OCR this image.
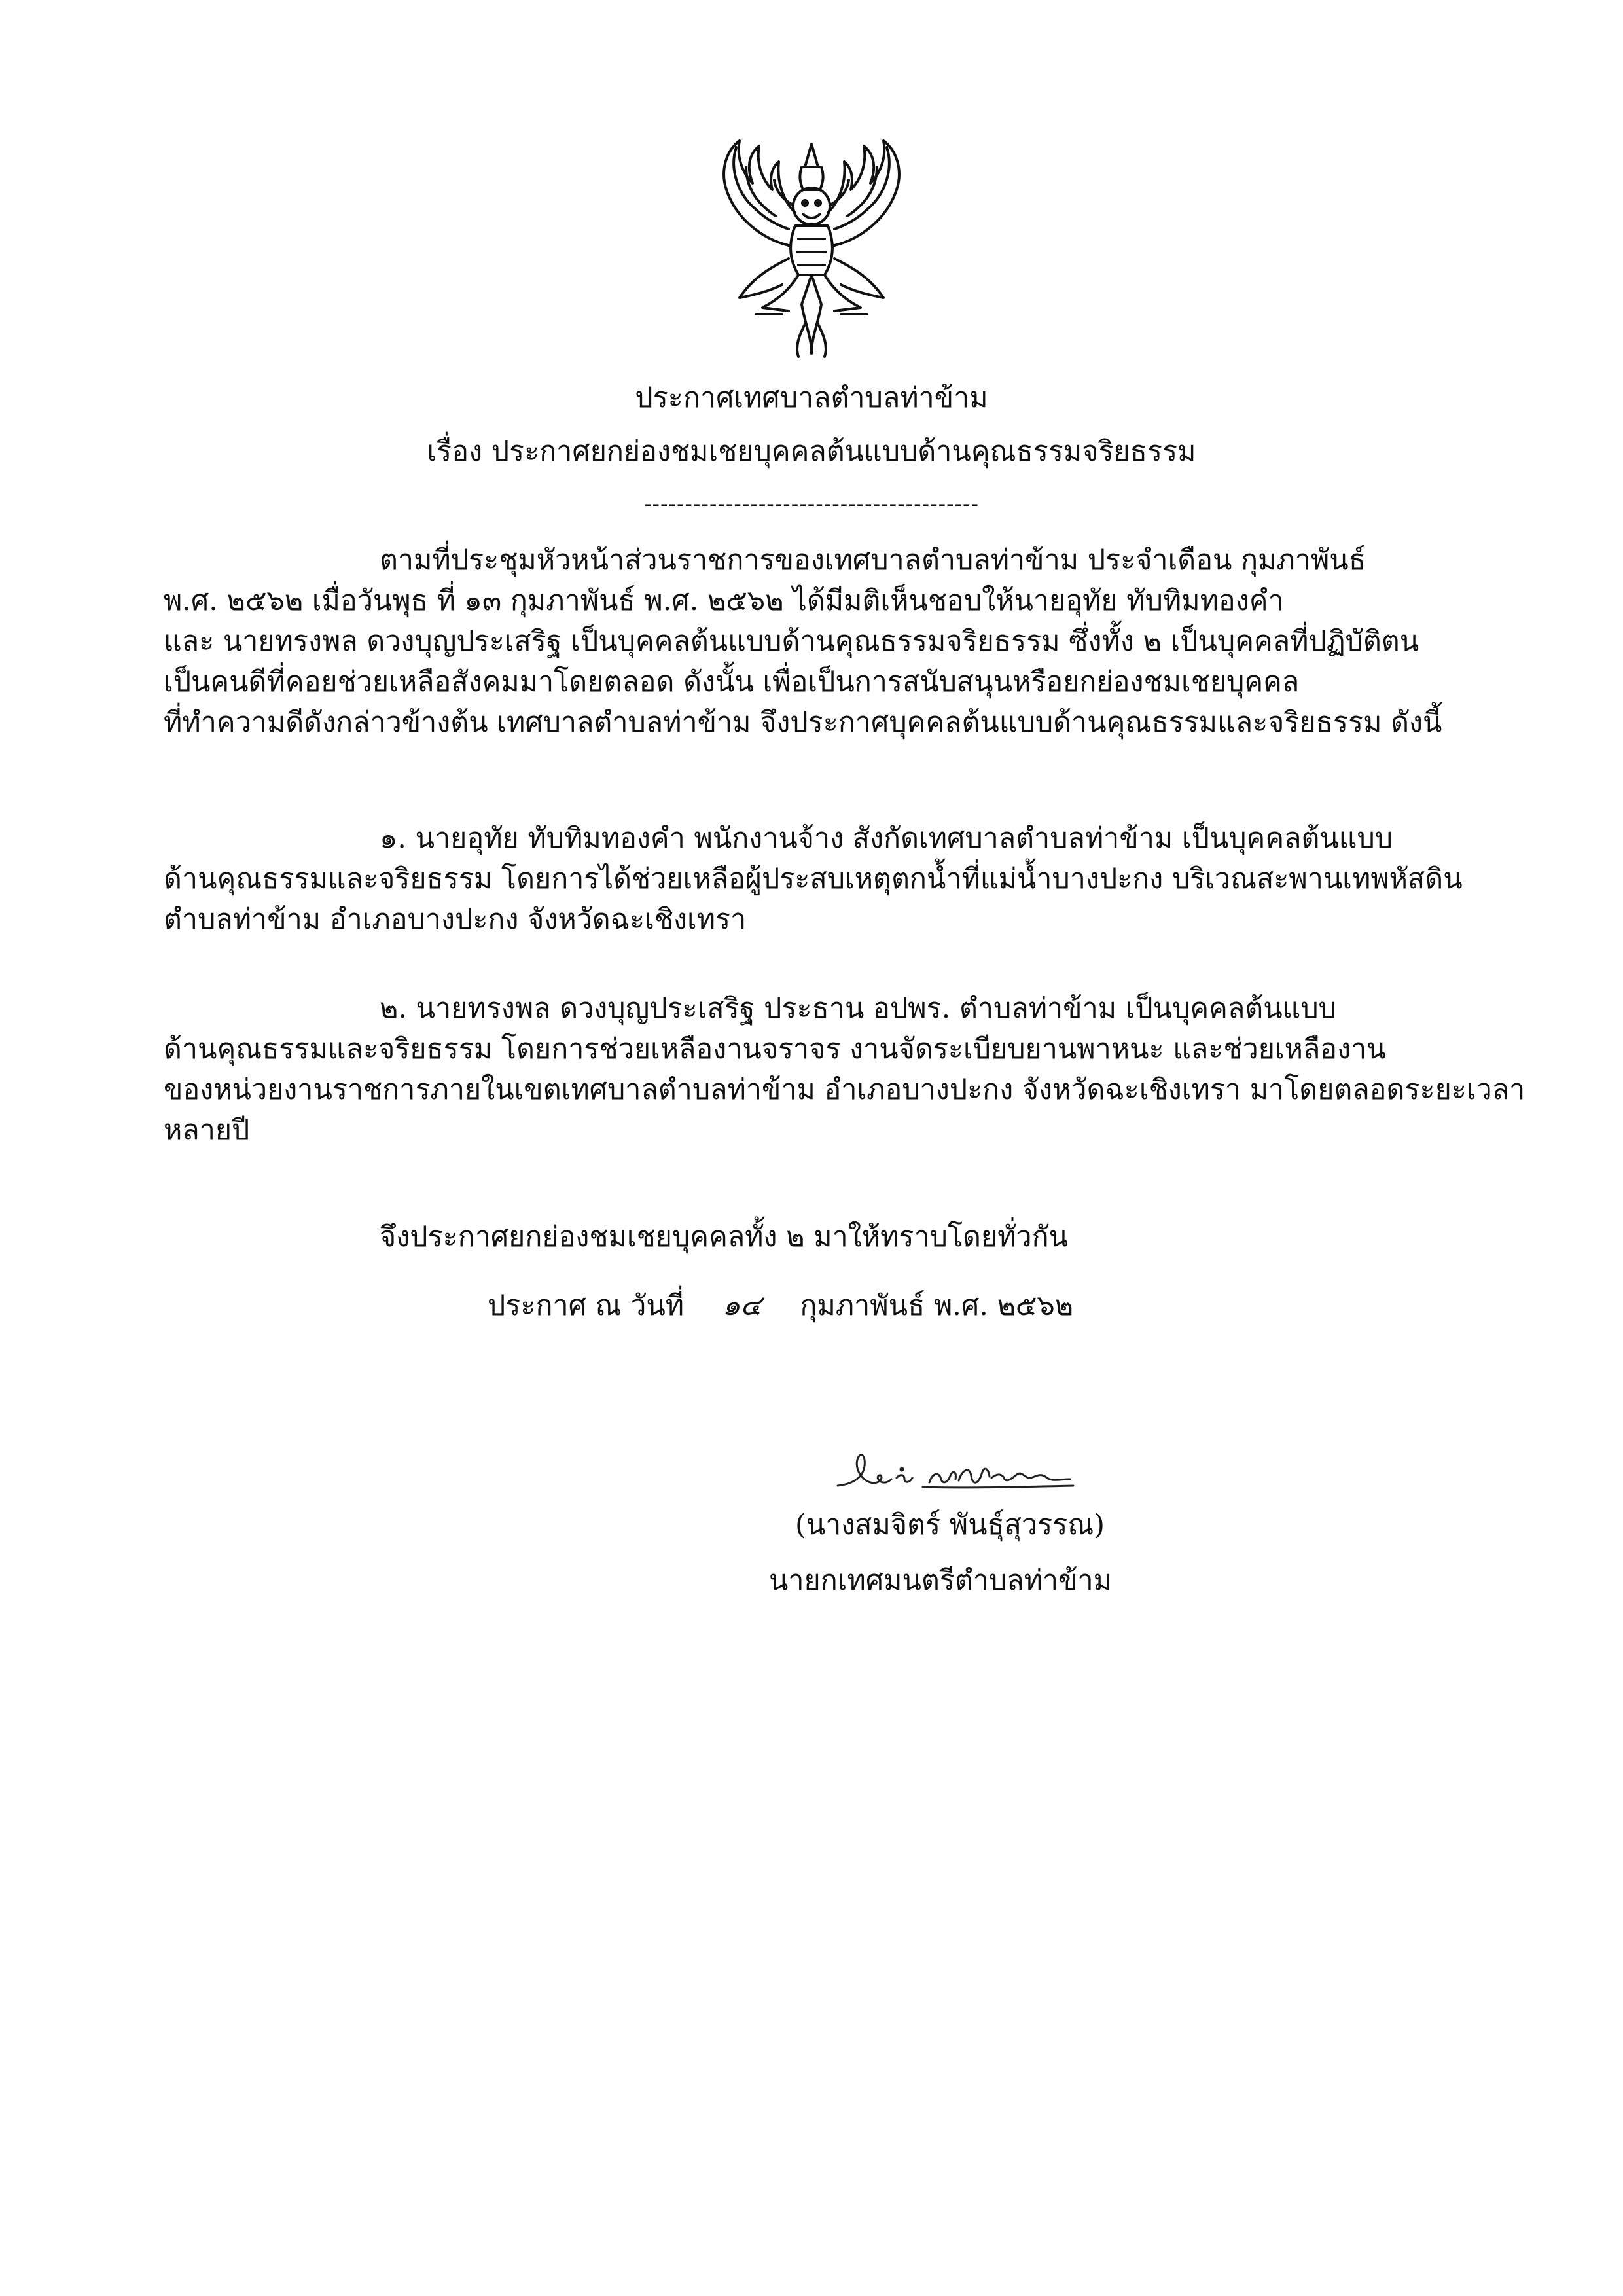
ประกาศเทศบาลตำบลท่าข้าม
เรื่อง ประกาศยกย่องชมเชยบุคคลต้นแบบด้านคุณธรรมจริยธรรม
-----------------------------------------
ตามที่ประชุมหัวหน้าส่วนราชการของเทศบาลตำบลท่าข้าม ประจำเดือน กุมภาพันธ์
พ.ศ. ๒๕๖๒ เมื่อวันพุธ ที่ ๑๓ กุมภาพันธ์ พ.ศ. ๒๕๖๒ ได้มีมติเห็นชอบให้นายอุทัย ทับทิมทองคำ
และ นายทรงพล ดวงบุญประเสริฐ เป็นบุคคลต้นแบบด้านคุณธรรมจริยธรรม ซึ่งทั้ง ๒ เป็นบุคคลที่ปฏิบัติตน
เป็นคนดีที่คอยช่วยเหลือสังคมมาโดยตลอด ดังนั้น เพื่อเป็นการสนับสนุนหรือยกย่องชมเชยบุคคล
ที่ทำความดีดังกล่าวข้างต้น เทศบาลตำบลท่าข้าม จึงประกาศบุคคลต้นแบบด้านคุณธรรมและจริยธรรม ดังนี้
๑. นายอุทัย ทับทิมทองคำ พนักงานจ้าง สังกัดเทศบาลตำบลท่าข้าม เป็นบุคคลต้นแบบ
ด้านคุณธรรมและจริยธรรม โดยการได้ช่วยเหลือผู้ประสบเหตุตกน้ำที่แม่น้ำบางปะกง บริเวณสะพานเทพหัสดิน
ตำบลท่าข้าม อำเภอบางปะกง จังหวัดฉะเชิงเทรา
๒. นายทรงพล ดวงบุญประเสริฐ ประธาน อปพร. ตำบลท่าข้าม เป็นบุคคลต้นแบบ
ด้านคุณธรรมและจริยธรรม โดยการช่วยเหลืองานจราจร งานจัดระเบียบยานพาหนะ และช่วยเหลืองาน
ของหน่วยงานราชการภายในเขตเทศบาลตำบลท่าข้าม อำเภอบางปะกง จังหวัดฉะเชิงเทรา มาโดยตลอดระยะเวลา
หลายปี
จึงประกาศยกย่องชมเชยบุคคลทั้ง ๒ มาให้ทราบโดยทั่วกัน
ประกาศ ณ วันที่ ๑๔ กุมภาพันธ์ พ.ศ. ๒๕๖๒
(นางสมจิตร์ พันธุ์สุวรรณ)
นายกเทศมนตรีตำบลท่าข้าม
